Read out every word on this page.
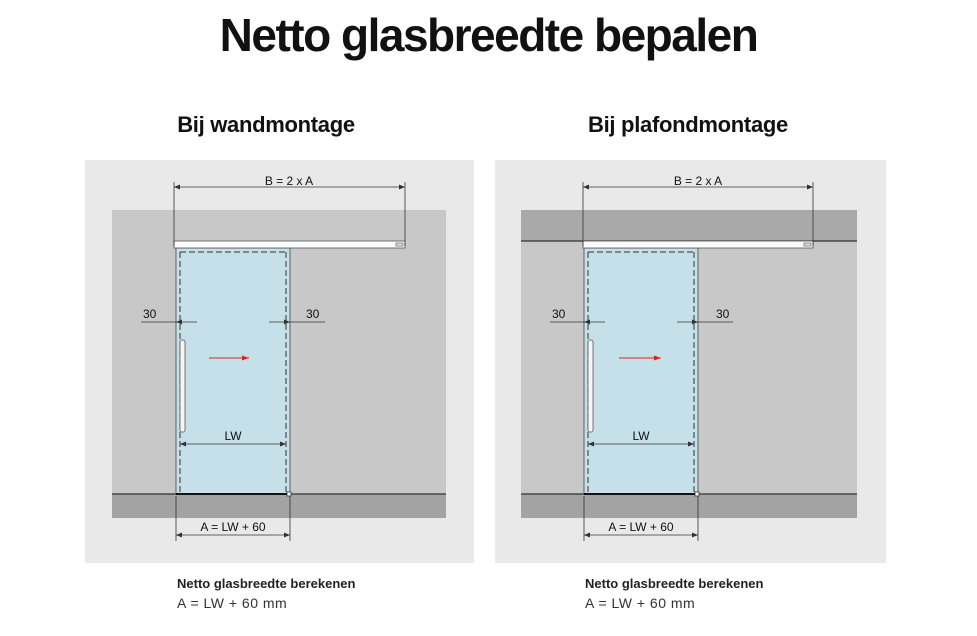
Netto glasbreedte bepalen
Bij wandmontage	Bij plafondmontage
B = 2 x A
30	30
LW
A = LW + 60
B = 2 x A
30	30
LW
A = LW + 60
Netto glasbreedte berekenen
A = LW + 60 mm
Netto glasbreedte berekenen
A = LW + 60 mm
